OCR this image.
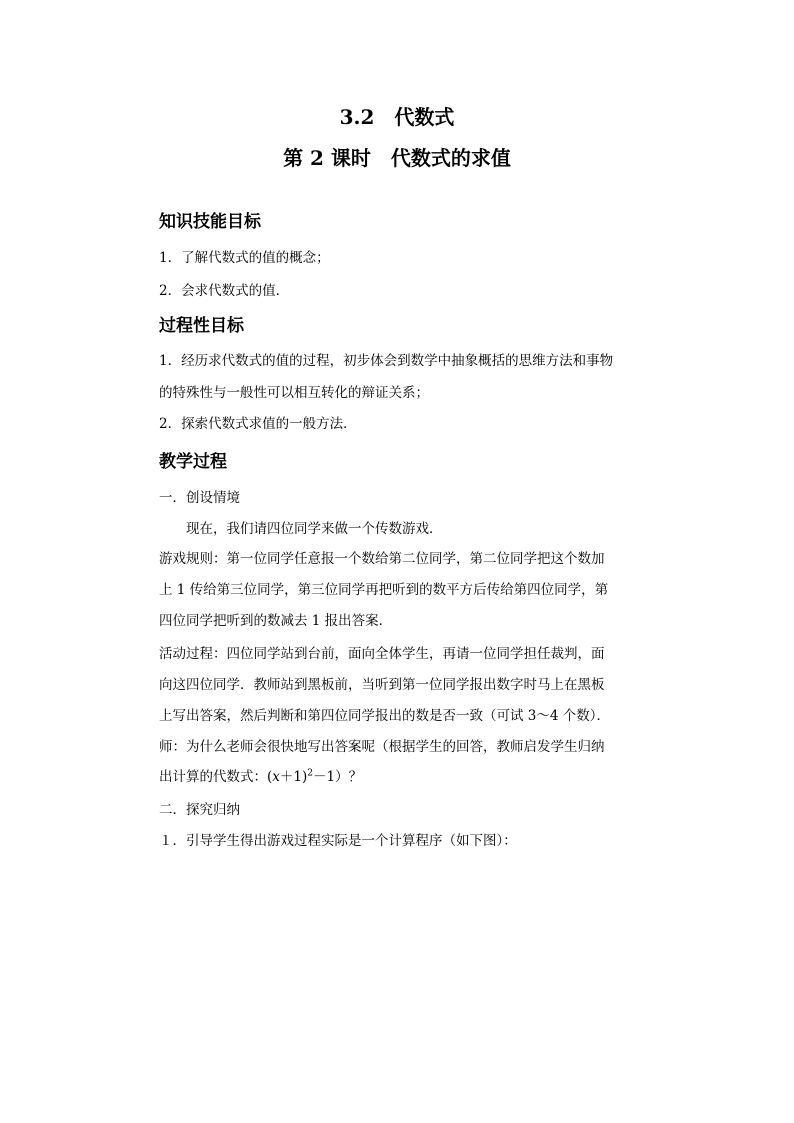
3.2　代数式
第 2 课时　代数式的求值
知识技能目标
1．了解代数式的值的概念；
2．会求代数式的值．
过程性目标
1．经历求代数式的值的过程，初步体会到数学中抽象概括的思维方法和事物
的特殊性与一般性可以相互转化的辩证关系；
2．探索代数式求值的一般方法．
教学过程
一．创设情境
现在，我们请四位同学来做一个传数游戏．
游戏规则：第一位同学任意报一个数给第二位同学，第二位同学把这个数加
上 1 传给第三位同学，第三位同学再把听到的数平方后传给第四位同学，第
四位同学把听到的数减去 1 报出答案．
活动过程：四位同学站到台前，面向全体学生，再请一位同学担任裁判，面
向这四位同学．教师站到黑板前，当听到第一位同学报出数字时马上在黑板
上写出答案，然后判断和第四位同学报出的数是否一致（可试 3～4 个数）．
师：为什么老师会很快地写出答案呢（根据学生的回答，教师启发学生归纳
出计算的代数式：$(x+1)^2-1$）？
二．探究归纳
１．引导学生得出游戏过程实际是一个计算程序（如下图）：
